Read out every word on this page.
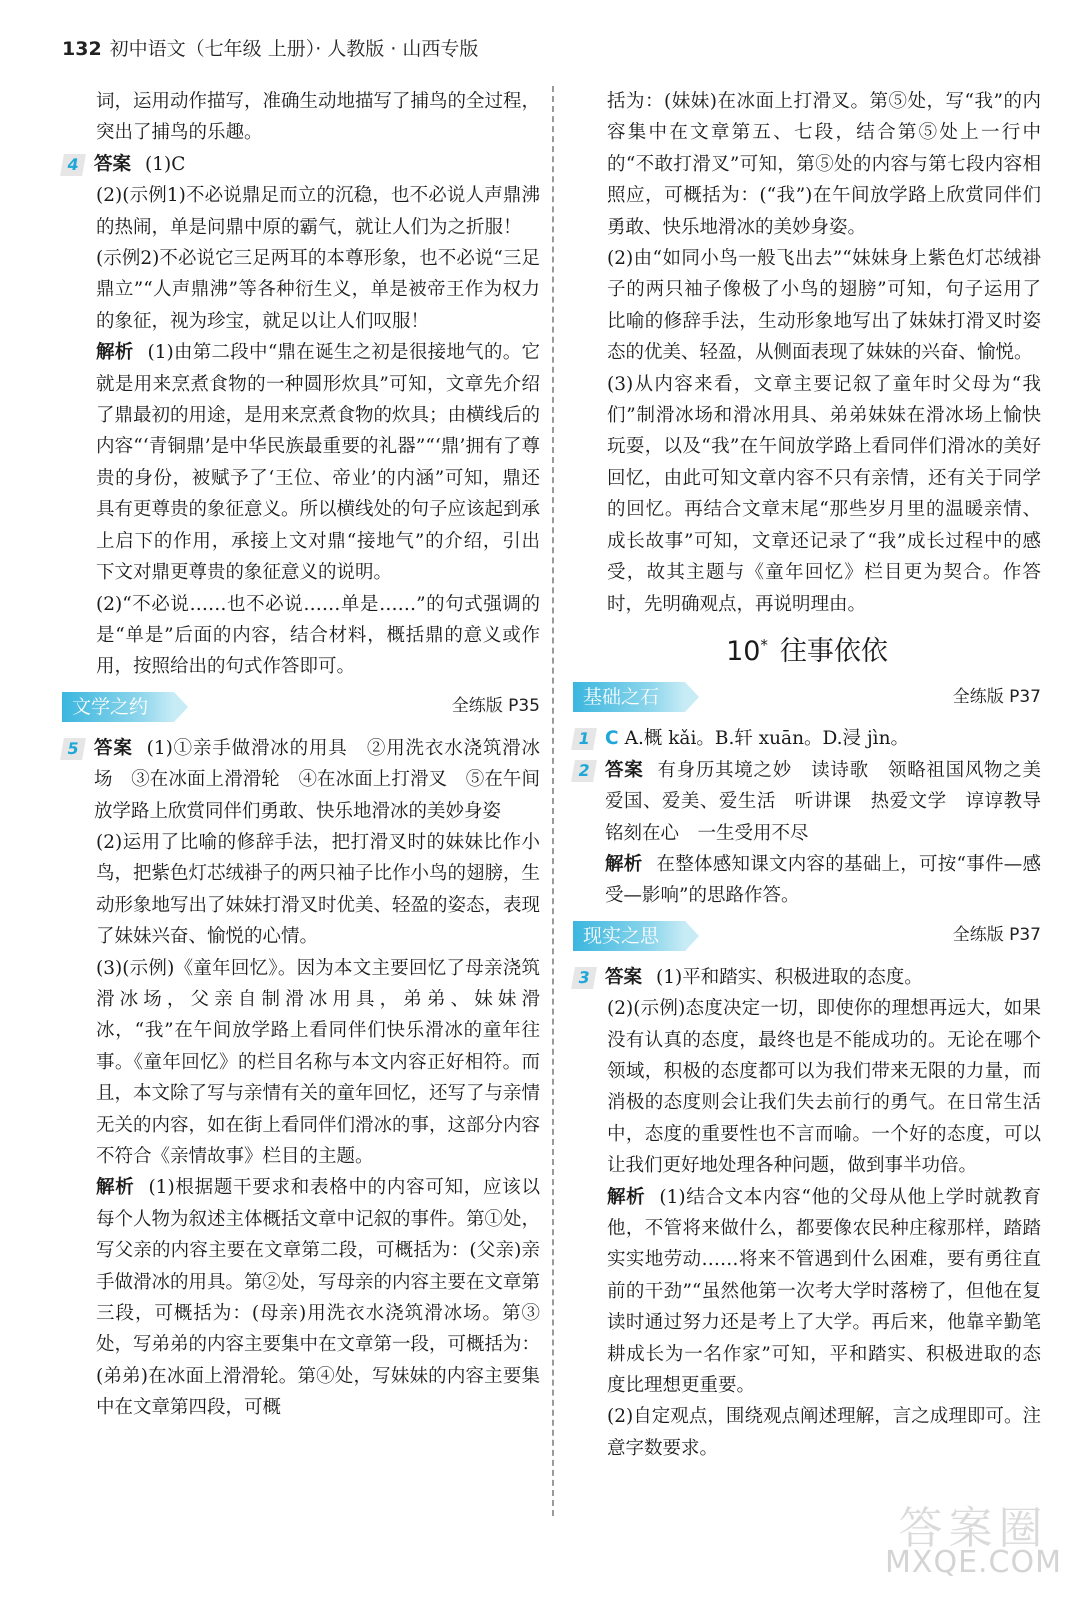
132 初中语文（七年级 上册）· 人教版 · 山西专版

词，运用动作描写，准确生动地描写了捕鸟的全过程，突出了捕鸟的乐趣。

4 答案 (1)C

(2)(示例1)不必说鼎足而立的沉稳，也不必说人声鼎沸的热闹，单是问鼎中原的霸气，就让人们为之折服！

(示例2)不必说它三足两耳的本尊形象，也不必说“三足鼎立”“人声鼎沸”等各种衍生义，单是被帝王作为权力的象征，视为珍宝，就足以让人们叹服！

解析 (1)由第二段中“鼎在诞生之初是很接地气的。它就是用来烹煮食物的一种圆形炊具”可知，文章先介绍了鼎最初的用途，是用来烹煮食物的炊具；由横线后的内容“‘青铜鼎’是中华民族最重要的礼器”“‘鼎’拥有了尊贵的身份，被赋予了‘王位、帝业’的内涵”可知，鼎还具有更尊贵的象征意义。所以横线处的句子应该起到承上启下的作用，承接上文对鼎“接地气”的介绍，引出下文对鼎更尊贵的象征意义的说明。

(2)“不必说……也不必说……单是……”的句式强调的是“单是”后面的内容，结合材料，概括鼎的意义或作用，按照给出的句式作答即可。

文学之约	全练版 P35
5 答案 (1)①亲手做滑冰的用具　②用洗衣水浇筑滑冰场　③在冰面上滑滑轮　④在冰面上打滑叉　⑤在午间放学路上欣赏同伴们勇敢、快乐地滑冰的美妙身姿

(2)运用了比喻的修辞手法，把打滑叉时的妹妹比作小鸟，把紫色灯芯绒褂子的两只袖子比作小鸟的翅膀，生动形象地写出了妹妹打滑叉时优美、轻盈的姿态，表现了妹妹兴奋、愉悦的心情。

(3)(示例)《童年回忆》。因为本文主要回忆了母亲浇筑滑冰场，父亲自制滑冰用具，弟弟、妹妹滑冰，“我”在午间放学路上看同伴们快乐滑冰的童年往事。《童年回忆》的栏目名称与本文内容正好相符。而且，本文除了写与亲情有关的童年回忆，还写了与亲情无关的内容，如在街上看同伴们滑冰的事，这部分内容不符合《亲情故事》栏目的主题。

解析 (1)根据题干要求和表格中的内容可知，应该以每个人物为叙述主体概括文章中记叙的事件。第①处，写父亲的内容主要在文章第二段，可概括为：(父亲)亲手做滑冰的用具。第②处，写母亲的内容主要在文章第三段，可概括为：(母亲)用洗衣水浇筑滑冰场。第③处，写弟弟的内容主要集中在文章第一段，可概括为：(弟弟)在冰面上滑滑轮。第④处，写妹妹的内容主要集中在文章第四段，可概

括为：(妹妹)在冰面上打滑叉。第⑤处，写“我”的内容集中在文章第五、七段，结合第⑤处上一行中的“不敢打滑叉”可知，第⑤处的内容与第七段内容相照应，可概括为：(“我”)在午间放学路上欣赏同伴们勇敢、快乐地滑冰的美妙身姿。

(2)由“如同小鸟一般飞出去”“妹妹身上紫色灯芯绒褂子的两只袖子像极了小鸟的翅膀”可知，句子运用了比喻的修辞手法，生动形象地写出了妹妹打滑叉时姿态的优美、轻盈，从侧面表现了妹妹的兴奋、愉悦。

(3)从内容来看，文章主要记叙了童年时父母为“我们”制滑冰场和滑冰用具、弟弟妹妹在滑冰场上愉快玩耍，以及“我”在午间放学路上看同伴们滑冰的美好回忆，由此可知文章内容不只有亲情，还有关于同学的回忆。再结合文章末尾“那些岁月里的温暖亲情、成长故事”可知，文章还记录了“我”成长过程中的感受，故其主题与《童年回忆》栏目更为契合。作答时，先明确观点，再说明理由。

10* 往事依依
基础之石	全练版 P37
1 C A.概 kǎi。B.轩 xuān。D.浸 jìn。

2 答案 有身历其境之妙　读诗歌　领略祖国风物之美　爱国、爱美、爱生活　听讲课　热爱文学　谆谆教导铭刻在心　一生受用不尽

解析 在整体感知课文内容的基础上，可按“事件—感受—影响”的思路作答。

现实之思	全练版 P37
3 答案 (1)平和踏实、积极进取的态度。

(2)(示例)态度决定一切，即使你的理想再远大，如果没有认真的态度，最终也是不能成功的。无论在哪个领域，积极的态度都可以为我们带来无限的力量，而消极的态度则会让我们失去前行的勇气。在日常生活中，态度的重要性也不言而喻。一个好的态度，可以让我们更好地处理各种问题，做到事半功倍。

解析 (1)结合文本内容“他的父母从他上学时就教育他，不管将来做什么，都要像农民种庄稼那样，踏踏实实地劳动……将来不管遇到什么困难，要有勇往直前的干劲”“虽然他第一次考大学时落榜了，但他在复读时通过努力还是考上了大学。再后来，他靠辛勤笔耕成长为一名作家”可知，平和踏实、积极进取的态度比理想更重要。

(2)自定观点，围绕观点阐述理解，言之成理即可。注意字数要求。

答案圈
MXQE.COM
